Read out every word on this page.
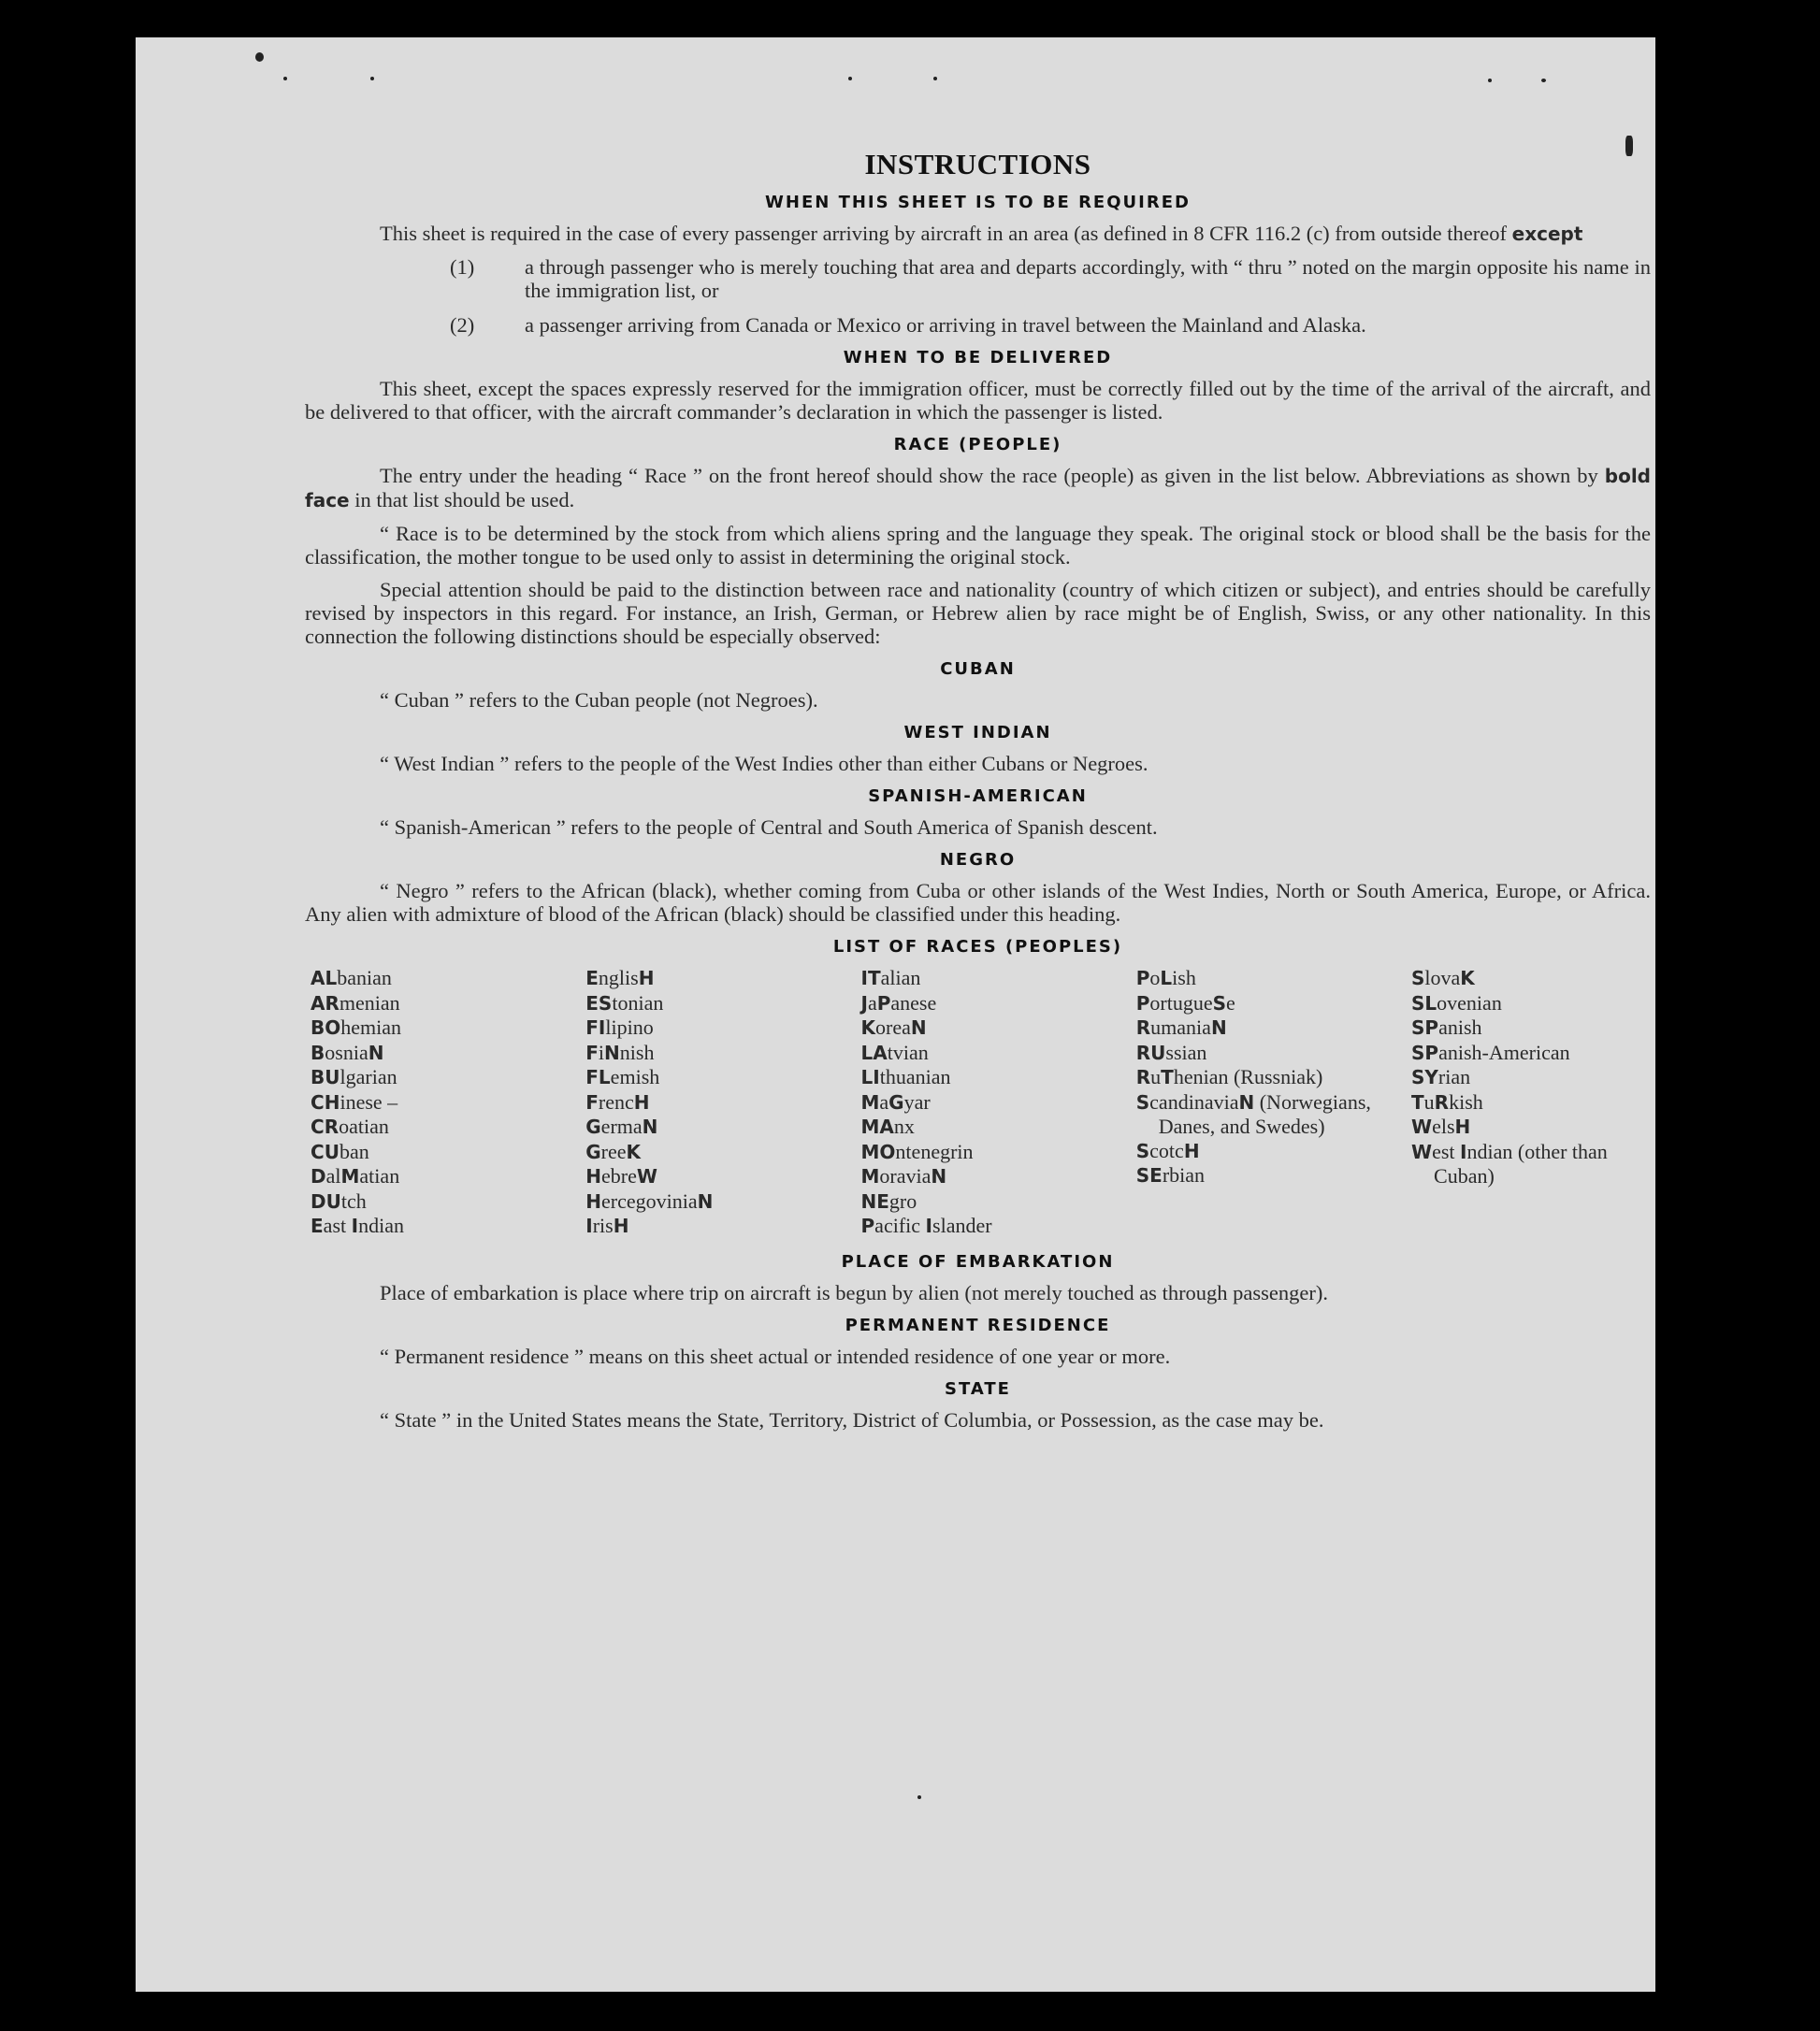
INSTRUCTIONS
WHEN THIS SHEET IS TO BE REQUIRED

This sheet is required in the case of every passenger arriving by aircraft in an area (as defined in 8 CFR 116.2 (c) from outside thereof except

(1) a through passenger who is merely touching that area and departs accordingly, with “ thru ” noted on the margin opposite his name in the immigration list, or
(2) a passenger arriving from Canada or Mexico or arriving in travel between the Mainland and Alaska.
WHEN TO BE DELIVERED

This sheet, except the spaces expressly reserved for the immigration officer, must be correctly filled out by the time of the arrival of the aircraft, and be delivered to that officer, with the aircraft commander’s declaration in which the passenger is listed.

RACE (PEOPLE)

The entry under the heading “ Race ” on the front hereof should show the race (people) as given in the list below. Abbreviations as shown by bold face in that list should be used.

“ Race is to be determined by the stock from which aliens spring and the language they speak. The original stock or blood shall be the basis for the classification, the mother tongue to be used only to assist in determining the original stock.

Special attention should be paid to the distinction between race and nationality (country of which citizen or subject), and entries should be carefully revised by inspectors in this regard. For instance, an Irish, German, or Hebrew alien by race might be of English, Swiss, or any other nationality. In this connection the following distinctions should be especially observed:

CUBAN

“ Cuban ” refers to the Cuban people (not Negroes).

WEST INDIAN

“ West Indian ” refers to the people of the West Indies other than either Cubans or Negroes.

SPANISH-AMERICAN

“ Spanish-American ” refers to the people of Central and South America of Spanish descent.

NEGRO

“ Negro ” refers to the African (black), whether coming from Cuba or other islands of the West Indies, North or South America, Europe, or Africa. Any alien with admixture of blood of the African (black) should be classified under this heading.

LIST OF RACES (PEOPLES)
ALbanian
ARmenian
BOhemian
BosniaN
BUlgarian
CHinese –
CRoatian
CUban
DalMatian
DUtch
East Indian
EnglisH
EStonian
FIlipino
FiNnish
FLemish
FrencH
GermaN
GreeK
HebreW
HercegoviniaN
IrisH
ITalian
JaPanese
KoreaN
LAtvian
LIthuanian
MaGyar
MAnx
MOntenegrin
MoraviaN
NEgro
Pacific Islander
PoLish
PortugueSe
RumaniaN
RUssian
RuThenian (Russniak)
ScandinaviaN (Norwegians, Danes, and Swedes)
ScotcH
SErbian
SlovaK
SLovenian
SPanish
SPanish-American
SYrian
TuRkish
WelsH
West Indian (other than Cuban)
PLACE OF EMBARKATION

Place of embarkation is place where trip on aircraft is begun by alien (not merely touched as through passenger).

PERMANENT RESIDENCE

“ Permanent residence ” means on this sheet actual or intended residence of one year or more.

STATE

“ State ” in the United States means the State, Territory, District of Columbia, or Possession, as the case may be.
